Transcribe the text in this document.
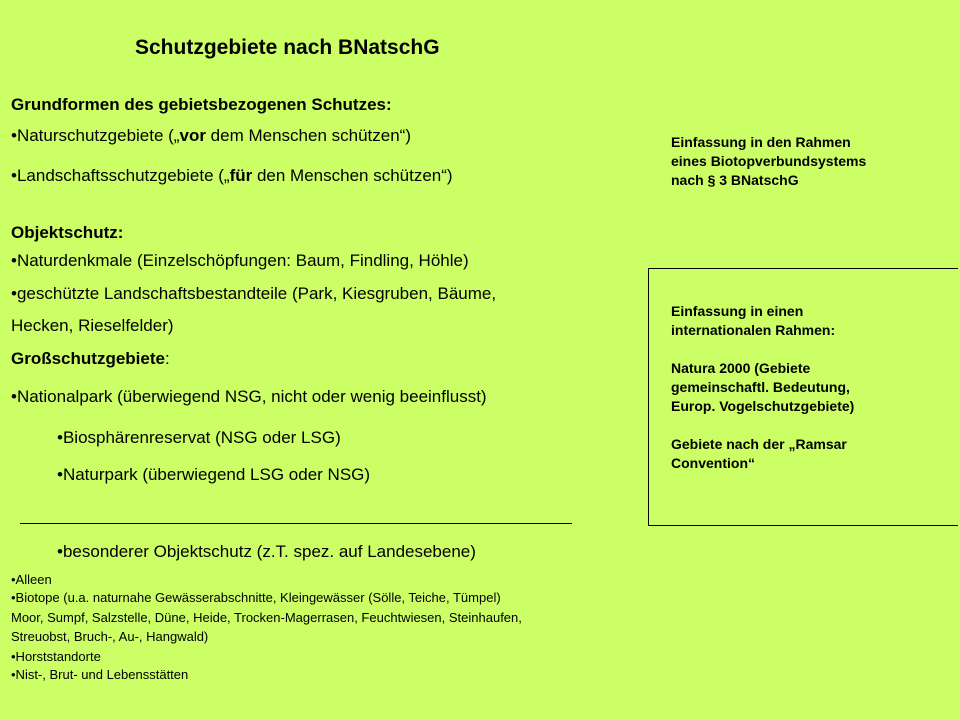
Schutzgebiete nach BNatschG
Grundformen des gebietsbezogenen Schutzes:
•Naturschutzgebiete („vor dem Menschen schützen“)
•Landschaftsschutzgebiete („für den Menschen schützen“)
Objektschutz:
•Naturdenkmale (Einzelschöpfungen: Baum, Findling, Höhle)
•geschützte Landschaftsbestandteile (Park, Kiesgruben, Bäume,
Hecken, Rieselfelder)
Großschutzgebiete:
•Nationalpark (überwiegend NSG, nicht oder wenig beeinflusst)
•Biosphärenreservat (NSG oder LSG)
•Naturpark (überwiegend LSG oder NSG)
•besonderer Objektschutz (z.T. spez. auf Landesebene)
•Alleen
•Biotope (u.a. naturnahe Gewässerabschnitte, Kleingewässer (Sölle, Teiche, Tümpel)
Moor, Sumpf, Salzstelle, Düne, Heide, Trocken-Magerrasen, Feuchtwiesen, Steinhaufen,
Streuobst, Bruch-, Au-, Hangwald)
•Horststandorte
•Nist-, Brut- und Lebensstätten
Einfassung in den Rahmen
eines Biotopverbundsystems
nach § 3 BNatschG
Einfassung in einen
internationalen Rahmen:
Natura 2000 (Gebiete
gemeinschaftl. Bedeutung,
Europ. Vogelschutzgebiete)
Gebiete nach der „Ramsar
Convention“
